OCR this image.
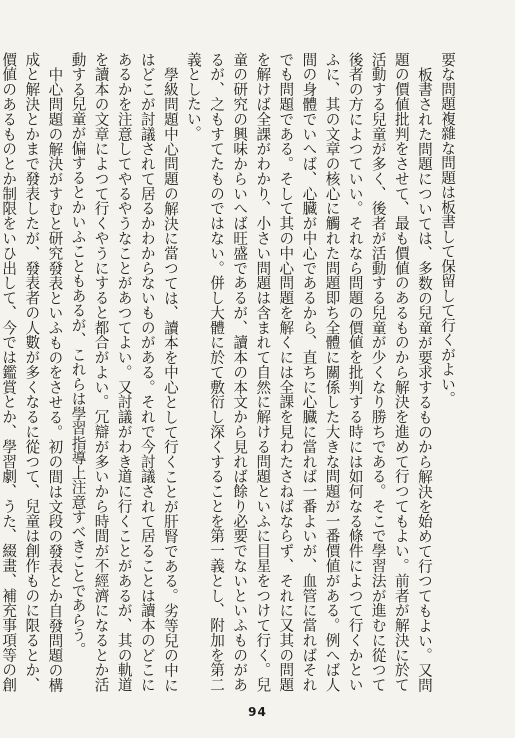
要な問題複雜な問題は板書して保留して行くがよい。

板書された問題については、多数の兒童が要求するものから解決を始めて行つてもよい。又問題の價値批判をさせて、最も價値のあるものから解決を進めて行つてもよい。前者が解決に於て活動する兒童が多く、後者が活動する兒童が少くなり勝ちである。そこで學習法が進むに從つて後者の方によつていい。それなら問題の價値を批判する時には如何なる條件によつて行くかといふに、其の文章の核心に觸れた問題即ち全體に關係した大きな問題が一番價値がある。例へば人間の身體でいへば、心臓が中心であるから、直ちに心臓に當れば一番よいが、血管に當ればそれでも問題である。そして其の中心問題を解くには全課を見わたさねばならず、それに又其の問題を解けば全課がわかり、小さい問題は含まれて自然に解ける問題といふに目星をつけて行く。兒童の研究の興味からいへば旺盛であるが、讀本の本文から見れば餘り必要でないといふものがあるが、之もすてたものではない。併し大體に於て敷衍し深くすることを第一義とし、附加を第二義としたい。

學級問題中心問題の解決に當つては、讀本を中心として行くことが肝腎である。劣等兒の中にはどこが討議されて居るかわからないものがある。それで今討議されて居ることは讀本のどこにあるかを注意してやるやうなことがあつてよい。又討議がわき道に行くことがあるが、其の軌道を讀本の文章によつて行くやうにすると都合がよい。冗辯が多いから時間が不經濟になるとか活動する兒童が偏するとかいふこともあるが、これらは學習指導上注意すべきことであらう。

中心問題の解決がすむと研究發表といふものをさせる。初の間は文段の發表とか自發問題の構成と解決とかまで發表したが、發表者の人數が多くなるに從つて、兒童は創作ものに限るとか、價値のあるものとか制限をいひ出して、今では鑑賞とか、學習劇、うた、綴畫、補充事項等の創

94
